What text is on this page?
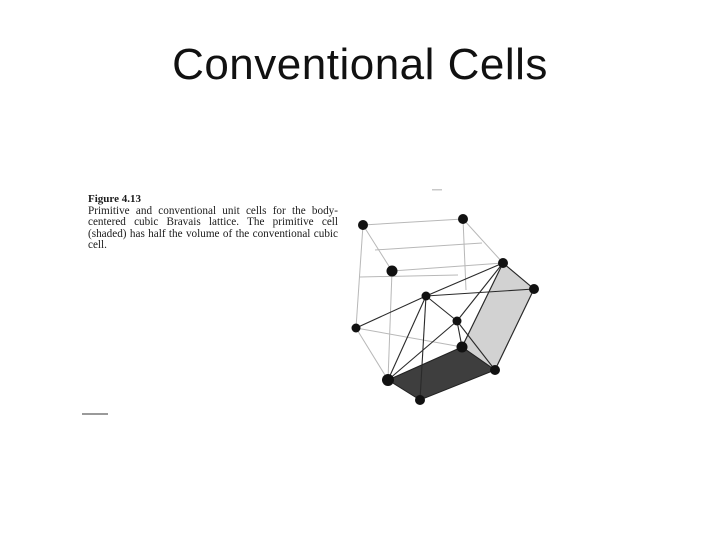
Conventional Cells
Figure 4.13
Primitive and conventional unit cells for the body-centered cubic Bravais lattice. The primitive cell (shaded) has half the volume of the conventional cubic cell.
